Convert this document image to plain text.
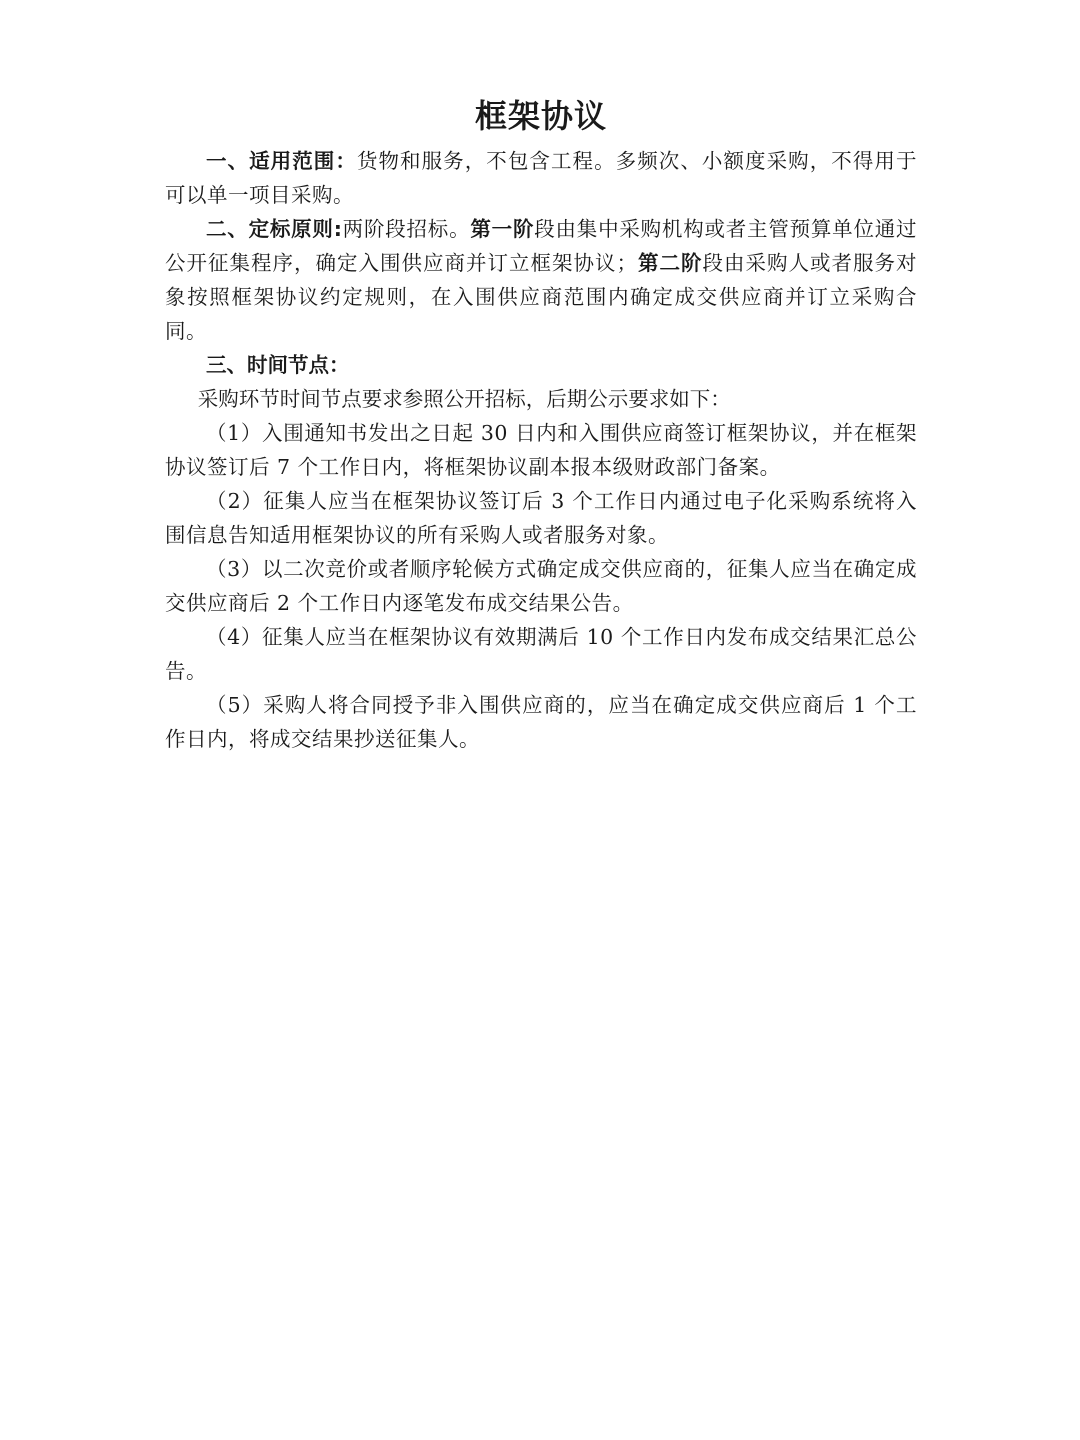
框架协议

一、适用范围：货物和服务，不包含工程。多频次、小额度采购，不得用于可以单一项目采购。

二、定标原则:两阶段招标。第一阶段由集中采购机构或者主管预算单位通过公开征集程序，确定入围供应商并订立框架协议；第二阶段由采购人或者服务对象按照框架协议约定规则，在入围供应商范围内确定成交供应商并订立采购合同。

三、时间节点：

采购环节时间节点要求参照公开招标，后期公示要求如下：

（1）入围通知书发出之日起 30 日内和入围供应商签订框架协议，并在框架协议签订后 7 个工作日内，将框架协议副本报本级财政部门备案。

（2）征集人应当在框架协议签订后 3 个工作日内通过电子化采购系统将入围信息告知适用框架协议的所有采购人或者服务对象。

（3）以二次竞价或者顺序轮候方式确定成交供应商的，征集人应当在确定成交供应商后 2 个工作日内逐笔发布成交结果公告。

（4）征集人应当在框架协议有效期满后 10 个工作日内发布成交结果汇总公告。

（5）采购人将合同授予非入围供应商的，应当在确定成交供应商后 1 个工作日内，将成交结果抄送征集人。
